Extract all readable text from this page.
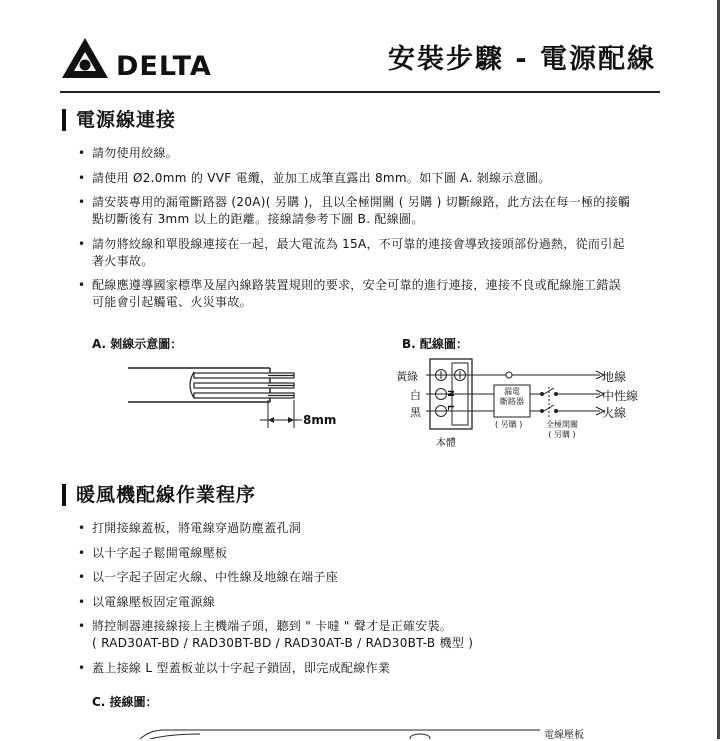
DELTA	安裝步驟 - 電源配線
電源線連接
• 請勿使用絞線。
• 請使用 Ø2.0mm 的 VVF 電纜，並加工成筆直露出 8mm。如下圖 A. 剝線示意圖。
• 請安裝專用的漏電斷路器 (20A)( 另購 )，且以全極開關 ( 另購 ) 切斷線路，此方法在每一極的接觸
點切斷後有 3mm 以上的距離。接線請參考下圖 B. 配線圖。
• 請勿將絞線和單股線連接在一起，最大電流為 15A，不可靠的連接會導致接頭部份過熱，從而引起
著火事故。
• 配線應遵導國家標準及屋內線路裝置規則的要求，安全可靠的進行連接，連接不良或配線施工錯誤
可能會引起觸電、火災事故。
A. 剝線示意圖：
8mm
B. 配線圖：
黃綠
白
黑
N
L
本體
漏電
斷路器
( 另購 )	全極開關
( 另購 )
地線
中性線
火線
暖風機配線作業程序
• 打開接線蓋板，將電線穿過防塵蓋孔洞
• 以十字起子鬆開電線壓板
• 以一字起子固定火線、中性線及地線在端子座
• 以電線壓板固定電源線
• 將控制器連接線接上主機端子頭，聽到 " 卡噠 " 聲才是正確安裝。
( RAD30AT-BD / RAD30BT-BD / RAD30AT-B / RAD30BT-B 機型 )
• 蓋上接線 L 型蓋板並以十字起子鎖固，即完成配線作業
C. 接線圖：
電線壓板
